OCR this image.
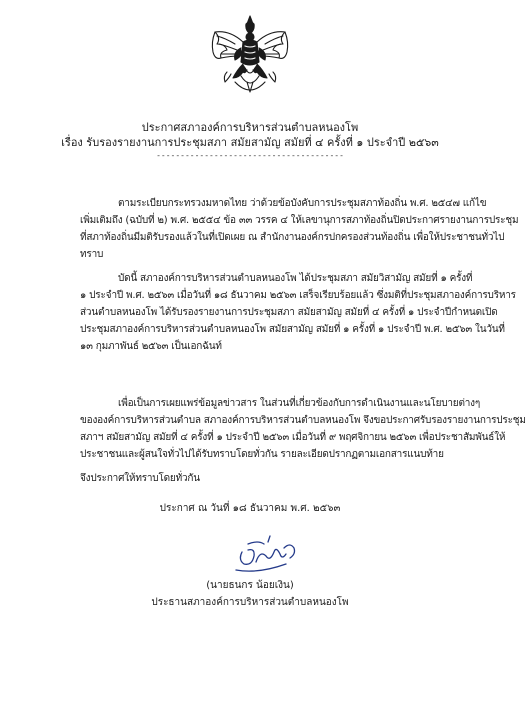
ประกาศสภาองค์การบริหารส่วนตำบลหนองโพ
เรื่อง รับรองรายงานการประชุมสภา สมัยสามัญ สมัยที่ ๔ ครั้งที่ ๑ ประจำปี ๒๕๖๓
---------------------------------------
ตามระเบียบกระทรวงมหาดไทย ว่าด้วยข้อบังคับการประชุมสภาท้องถิ่น พ.ศ. ๒๕๔๗ แก้ไข
เพิ่มเติมถึง (ฉบับที่ ๒) พ.ศ. ๒๕๕๔ ข้อ ๓๓ วรรค ๔ ให้เลขานุการสภาท้องถิ่นปิดประกาศรายงานการประชุม
ที่สภาท้องถิ่นมีมติรับรองแล้วในที่เปิดเผย ณ สำนักงานองค์กรปกครองส่วนท้องถิ่น เพื่อให้ประชาชนทั่วไป
ทราบ
บัดนี้ สภาองค์การบริหารส่วนตำบลหนองโพ ได้ประชุมสภา สมัยวิสามัญ สมัยที่ ๑ ครั้งที่
๑ ประจำปี พ.ศ. ๒๕๖๓ เมื่อวันที่ ๑๘ ธันวาคม ๒๕๖๓ เสร็จเรียบร้อยแล้ว ซึ่งมติที่ประชุมสภาองค์การบริหาร
ส่วนตำบลหนองโพ ได้รับรองรายงานการประชุมสภา สมัยสามัญ สมัยที่ ๔ ครั้งที่ ๑ ประจำปีกำหนดเปิด
ประชุมสภาองค์การบริหารส่วนตำบลหนองโพ สมัยสามัญ สมัยที่ ๑ ครั้งที่ ๑ ประจำปี พ.ศ. ๒๕๖๓ ในวันที่
๑๓ กุมภาพันธ์ ๒๕๖๓ เป็นเอกฉันท์
เพื่อเป็นการเผยแพร่ข้อมูลข่าวสาร ในส่วนที่เกี่ยวข้องกับการดำเนินงานและนโยบายต่างๆ
ขององค์การบริหารส่วนตำบล สภาองค์การบริหารส่วนตำบลหนองโพ จึงขอประกาศรับรองรายงานการประชุม
สภาฯ สมัยสามัญ สมัยที่ ๔ ครั้งที่ ๑ ประจำปี ๒๕๖๓ เมื่อวันที่ ๙ พฤศจิกายน ๒๕๖๓ เพื่อประชาสัมพันธ์ให้
ประชาชนและผู้สนใจทั่วไปได้รับทราบโดยทั่วกัน รายละเอียดปรากฏตามเอกสารแนบท้าย
จึงประกาศให้ทราบโดยทั่วกัน
ประกาศ ณ วันที่ ๑๘ ธันวาคม พ.ศ. ๒๕๖๓
(นายธนกร น้อยเงิน)
ประธานสภาองค์การบริหารส่วนตำบลหนองโพ
